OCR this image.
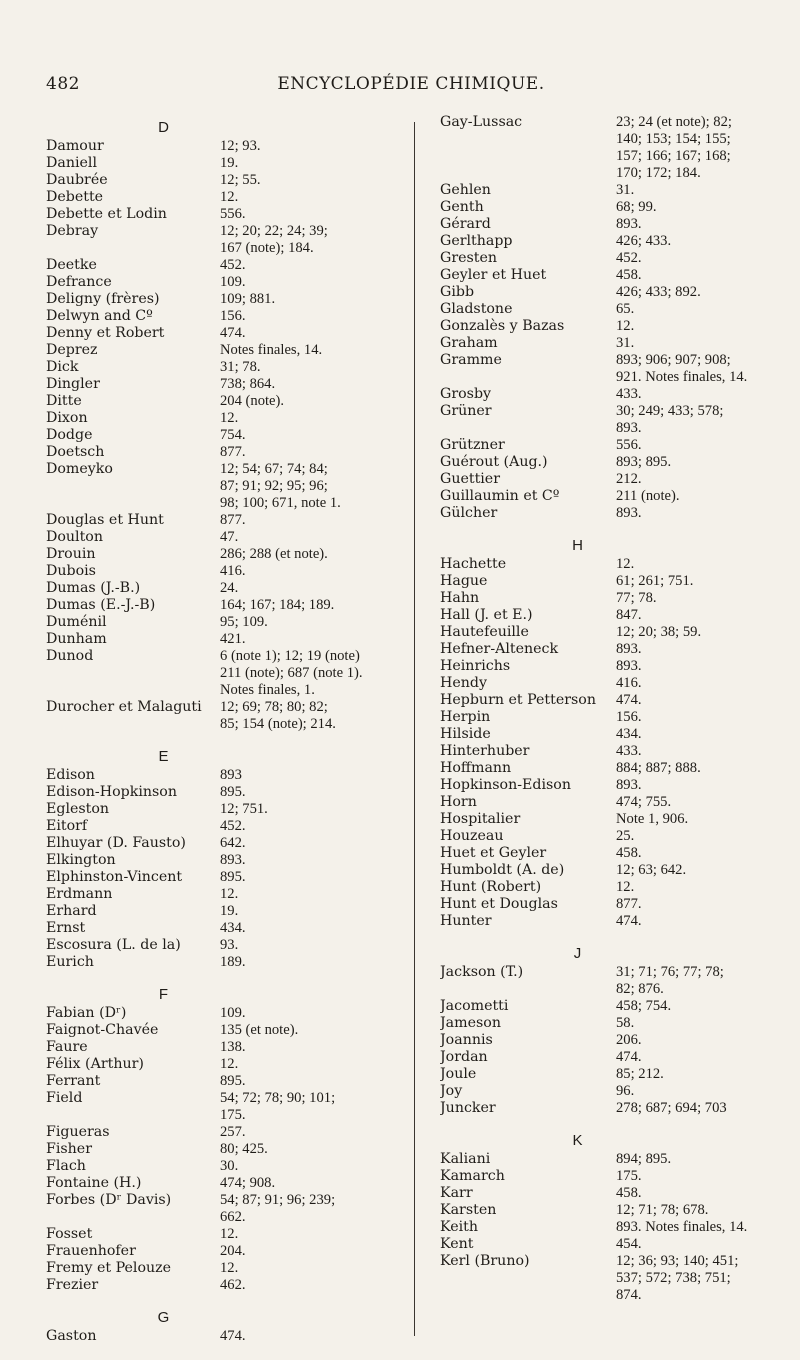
482	ENCYCLOPÉDIE CHIMIQUE.
D
Damour	12; 93.
Daniell	19.
Daubrée	12; 55.
Debette	12.
Debette et Lodin	556.
Debray	12; 20; 22; 24; 39;
167 (note); 184.
Deetke	452.
Defrance	109.
Deligny (frères)	109; 881.
Delwyn and Cº	156.
Denny et Robert	474.
Deprez	Notes finales, 14.
Dick	31; 78.
Dingler	738; 864.
Ditte	204 (note).
Dixon	12.
Dodge	754.
Doetsch	877.
Domeyko	12; 54; 67; 74; 84;
87; 91; 92; 95; 96;
98; 100; 671, note 1.
Douglas et Hunt	877.
Doulton	47.
Drouin	286; 288 (et note).
Dubois	416.
Dumas (J.-B.)	24.
Dumas (E.-J.-B)	164; 167; 184; 189.
Duménil	95; 109.
Dunham	421.
Dunod	6 (note 1); 12; 19 (note)
211 (note); 687 (note 1).
Notes finales, 1.
Durocher et Malaguti	12; 69; 78; 80; 82;
85; 154 (note); 214.
E
Edison	893
Edison-Hopkinson	895.
Egleston	12; 751.
Eitorf	452.
Elhuyar (D. Fausto)	642.
Elkington	893.
Elphinston-Vincent	895.
Erdmann	12.
Erhard	19.
Ernst	434.
Escosura (L. de la)	93.
Eurich	189.
F
Fabian (Dʳ)	109.
Faignot-Chavée	135 (et note).
Faure	138.
Félix (Arthur)	12.
Ferrant	895.
Field	54; 72; 78; 90; 101;
175.
Figueras	257.
Fisher	80; 425.
Flach	30.
Fontaine (H.)	474; 908.
Forbes (Dʳ Davis)	54; 87; 91; 96; 239;
662.
Fosset	12.
Frauenhofer	204.
Fremy et Pelouze	12.
Frezier	462.
G
Gaston	474.
Gay-Lussac	23; 24 (et note); 82;
140; 153; 154; 155;
157; 166; 167; 168;
170; 172; 184.
Gehlen	31.
Genth	68; 99.
Gérard	893.
Gerlthарp	426; 433.
Gresten	452.
Geyler et Huet	458.
Gibb	426; 433; 892.
Gladstone	65.
Gonzalès y Bazas	12.
Graham	31.
Gramme	893; 906; 907; 908;
921. Notes finales, 14.
Grosby	433.
Grüner	30; 249; 433; 578;
893.
Grützner	556.
Guérout (Aug.)	893; 895.
Guettier	212.
Guillaumin et Cº	211 (note).
Gülcher	893.
H
Hachette	12.
Hague	61; 261; 751.
Hahn	77; 78.
Hall (J. et E.)	847.
Hautefeuille	12; 20; 38; 59.
Hefner-Alteneck	893.
Heinrichs	893.
Hendy	416.
Hepburn et Petterson	474.
Herpin	156.
Hilside	434.
Hinterhuber	433.
Hoffmann	884; 887; 888.
Hopkinson-Edison	893.
Horn	474; 755.
Hospitalier	Note 1, 906.
Houzeau	25.
Huet et Geyler	458.
Humboldt (A. de)	12; 63; 642.
Hunt (Robert)	12.
Hunt et Douglas	877.
Hunter	474.
J
Jackson (T.)	31; 71; 76; 77; 78;
82; 876.
Jacometti	458; 754.
Jameson	58.
Joannis	206.
Jordan	474.
Joule	85; 212.
Joy	96.
Juncker	278; 687; 694; 703
K
Kaliani	894; 895.
Kamarch	175.
Karr	458.
Karsten	12; 71; 78; 678.
Keith	893. Notes finales, 14.
Kent	454.
Kerl (Bruno)	12; 36; 93; 140; 451;
537; 572; 738; 751;
874.
